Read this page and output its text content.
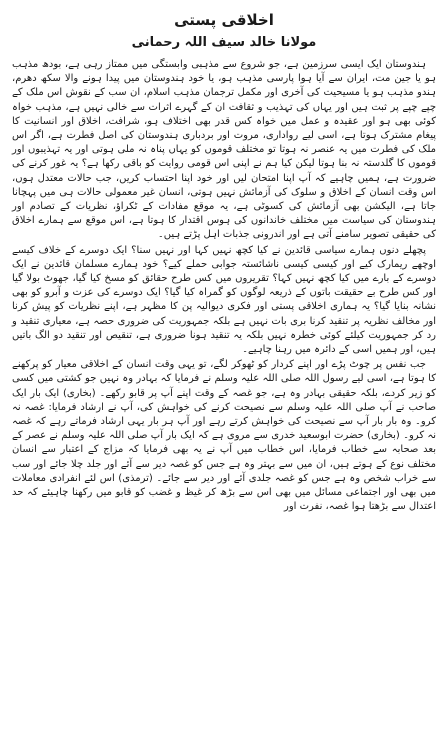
اخلاقی پستی
مولانا خالد سیف اللہ رحمانی

ہندوستان ایک ایسی سرزمین ہے، جو شروع سے مذہبی وابستگی میں ممتاز رہی ہے، بودھ مذہب ہو یا جین مت، ایران سے آیا ہوا پارسی مذہب ہو، یا خود ہندوستان میں پیدا ہونے والا سکھ دھرم، ہندو مذہب ہو یا مسیحیت کی آخری اور مکمل ترجمان مذہب اسلام، ان سب کے نقوش اس ملک کے چپے چپے پر ثبت ہیں اور یہاں کی تہذیب و ثقافت ان کے گہرے اثرات سے خالی نہیں ہے، مذہب خواہ کوئی بھی ہو اور عقیدہ و عمل میں خواہ کس قدر بھی اختلاف ہو، شرافت، اخلاق اور انسانیت کا پیغام مشترک ہوتا ہے، اسی لیے رواداری، مروت اور بردباری ہندوستان کی اصل فطرت ہے، اگر اس ملک کی فطرت میں یہ عنصر نہ ہوتا تو مختلف قوموں کو یہاں پناہ نہ ملی ہوتی اور یہ تہذیبوں اور قوموں کا گلدستہ نہ بنا ہوتا لیکن کیا ہم نے اپنی اس قومی روایت کو باقی رکھا ہے؟ یہ غور کرنے کی ضرورت ہے، ہمیں چاہیے کہ آپ اپنا امتحان لیں اور خود اپنا احتساب کریں، جب حالات معتدل ہوں، اس وقت انسان کے اخلاق و سلوک کی آزمائش نہیں ہوتی، انسان غیر معمولی حالات ہی میں پہچانا جاتا ہے، الیکشن بھی آزمائش کی کسوٹی ہے، یہ موقع مفادات کے ٹکراؤ، نظریات کے تصادم اور ہندوستان کی سیاست میں مختلف خاندانوں کی ہوس اقتدار کا ہوتا ہے، اس موقع سے ہمارے اخلاق کی حقیقی تصویر سامنے آتی ہے اور اندرونی جذبات اہل پڑتے ہیں۔

پچھلے دنوں ہمارے سیاسی قائدین نے کیا کچھ نہیں کہا اور نہیں سنا؟ ایک دوسرے کے خلاف کیسے اوچھے ریمارک کیے اور کیسی کیسی ناشائستہ جوابی حملے کیے؟ خود ہمارے مسلمان قائدین نے ایک دوسرے کے بارے میں کیا کچھ نہیں کہا؟ تقریروں میں کس طرح حقائق کو مسخ کیا گیا، جھوٹ بولا گیا اور کس طرح بے حقیقت باتوں کے ذریعہ لوگوں کو گمراہ کیا گیا؟ ایک دوسرے کی عزت و آبرو کو بھی نشانہ بنایا گیا؟ یہ ہماری اخلاقی پستی اور فکری دیوالیہ پن کا مظہر ہے، اپنے نظریات کو پیش کرنا اور مخالف نظریہ پر تنقید کرنا بری بات نہیں ہے بلکہ جمہوریت کی ضروری حصہ ہے، معیاری تنقید و رد کر جمہوریت کیلئے کوئی خطرہ نہیں بلکہ یہ تنقید ہونا ضروری ہے، تنقیص اور تنقید دو الگ باتیں ہیں، اور ہمیں اسی کے دائرہ میں رہنا چاہیے۔

جب نفس پر چوٹ پڑے اور اپنے کردار کو ٹھوکر لگے، تو یہی وقت انسان کے اخلاقی معیار کو پرکھنے کا ہوتا ہے، اسی لیے رسول اللہ صلی اللہ علیہ وسلم نے فرمایا کہ بہادر وہ نہیں جو کشتی میں کسی کو زیر کردے، بلکہ حقیقی بہادر وہ ہے، جو غصہ کے وقت اپنے آپ پر قابو رکھے۔ (بخاری) ایک بار ایک صاحب نے آپ صلی اللہ علیہ وسلم سے نصیحت کرنے کی خواہش کی، آپ نے ارشاد فرمایا: غصہ نہ کرو۔ وہ بار بار آپ سے نصیحت کی خواہش کرتے رہے اور آپ ہر بار یہی ارشاد فرماتے رہے کہ غصہ نہ کرو۔ (بخاری) حضرت ابوسعید خدری سے مروی ہے کہ ایک بار آپ صلی اللہ علیہ وسلم نے عصر کے بعد صحابہ سے خطاب فرمایا، اس خطاب میں آپ نے یہ بھی فرمایا کہ مزاج کے اعتبار سے انسان مختلف نوع کے ہوتے ہیں، ان میں سے بہتر وہ ہے جس کو غصہ دیر سے آئے اور جلد چلا جائے اور سب سے خراب شخص وہ ہے جس کو غصہ جلدی آئے اور دیر سے جائے۔ (ترمذی) اس لئے انفرادی معاملات میں بھی اور اجتماعی مسائل میں بھی اس سے بڑھ کر غیظ و غضب کو قابو میں رکھنا چاہیئے کہ حد اعتدال سے بڑھتا ہوا غصہ، نفرت اور
